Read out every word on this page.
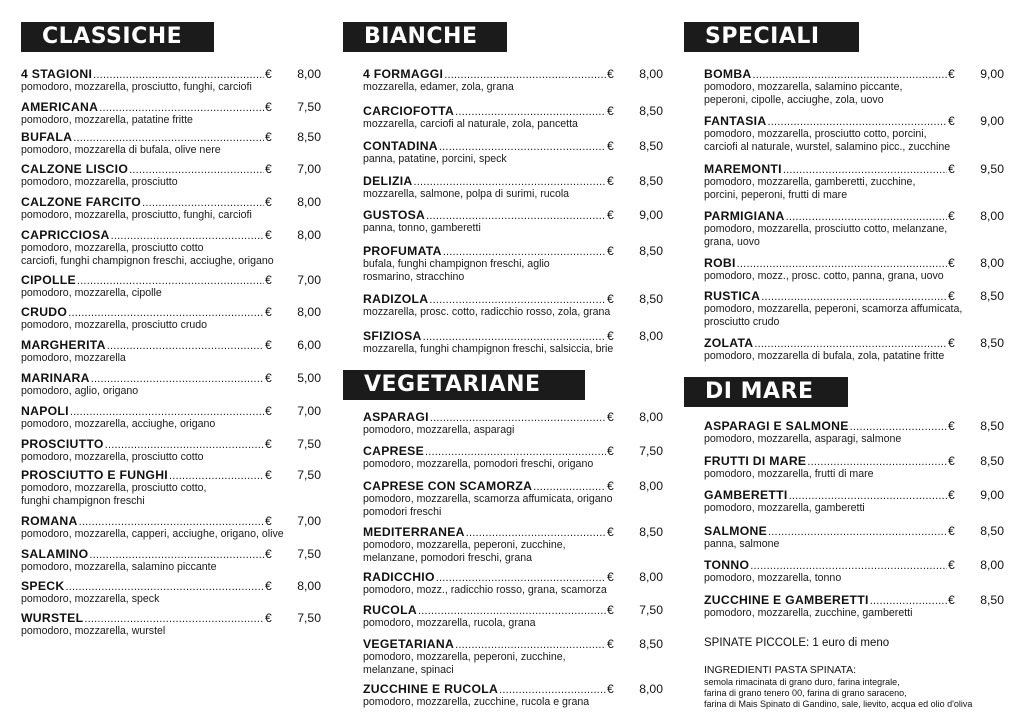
CLASSICHE
4 STAGIONI .....	€	8,00
pomodoro, mozzarella, prosciutto, funghi, carciofi
AMERICANA .....	€	7,50
pomodoro, mozzarella, patatine fritte
BUFALA .....	€	8,50
pomodoro, mozzarella di bufala, olive nere
CALZONE LISCIO .....	€	7,00
pomodoro, mozzarella, prosciutto
CALZONE FARCITO .....	€	8,00
pomodoro, mozzarella, prosciutto, funghi, carciofi
CAPRICCIOSA .....	€	8,00
pomodoro, mozzarella, prosciutto cotto
carciofi, funghi champignon freschi, acciughe, origano
CIPOLLE .....	€	7,00
pomodoro, mozzarella, cipolle
CRUDO .....	€	8,00
pomodoro, mozzarella, prosciutto crudo
MARGHERITA .....	€	6,00
pomodoro, mozzarella
MARINARA .....	€	5,00
pomodoro, aglio, origano
NAPOLI .....	€	7,00
pomodoro, mozzarella, acciughe, origano
PROSCIUTTO .....	€	7,50
pomodoro, mozzarella, prosciutto cotto
PROSCIUTTO E FUNGHI .....	€	7,50
pomodoro, mozzarella, prosciutto cotto,
funghi champignon freschi
ROMANA .....	€	7,00
pomodoro, mozzarella, capperi, acciughe, origano, olive
SALAMINO .....	€	7,50
pomodoro, mozzarella, salamino piccante
SPECK .....	€	8,00
pomodoro, mozzarella, speck
WURSTEL .....	€	7,50
pomodoro, mozzarella, wurstel
BIANCHE
4 FORMAGGI .....	€	8,00
mozzarella, edamer, zola, grana
CARCIOFOTTA .....	€	8,50
mozzarella, carciofi al naturale, zola, pancetta
CONTADINA .....	€	8,50
panna, patatine, porcini, speck
DELIZIA .....	€	8,50
mozzarella, salmone, polpa di surimi, rucola
GUSTOSA .....	€	9,00
panna, tonno, gamberetti
PROFUMATA .....	€	8,50
bufala, funghi champignon freschi, aglio
rosmarino, stracchino
RADIZOLA .....	€	8,50
mozzarella, prosc. cotto, radicchio rosso, zola, grana
SFIZIOSA .....	€	8,00
mozzarella, funghi champignon freschi, salsiccia, brie
VEGETARIANE
ASPARAGI .....	€	8,00
pomodoro, mozzarella, asparagi
CAPRESE .....	€	7,50
pomodoro, mozzarella, pomodori freschi, origano
CAPRESE CON SCAMORZA .....	€	8,00
pomodoro, mozzarella, scamorza affumicata, origano
pomodori freschi
MEDITERRANEA .....	€	8,50
pomodoro, mozzarella, peperoni, zucchine,
melanzane, pomodori freschi, grana
RADICCHIO .....	€	8,00
pomodoro, mozz., radicchio rosso, grana, scamorza
RUCOLA .....	€	7,50
pomodoro, mozzarella, rucola, grana
VEGETARIANA .....	€	8,50
pomodoro, mozzarella, peperoni, zucchine,
melanzane, spinaci
ZUCCHINE E RUCOLA .....	€	8,00
pomodoro, mozzarella, zucchine, rucola e grana
SPECIALI
BOMBA .....	€	9,00
pomodoro, mozzarella, salamino piccante,
peperoni, cipolle, acciughe, zola, uovo
FANTASIA .....	€	9,00
pomodoro, mozzarella, prosciutto cotto, porcini,
carciofi al naturale, wurstel, salamino picc., zucchine
MAREMONTI .....	€	9,50
pomodoro, mozzarella, gamberetti, zucchine,
porcini, peperoni, frutti di mare
PARMIGIANA .....	€	8,00
pomodoro, mozzarella, prosciutto cotto, melanzane,
grana, uovo
ROBI .....	€	8,00
pomodoro, mozz., prosc. cotto, panna, grana, uovo
RUSTICA .....	€	8,50
pomodoro, mozzarella, peperoni, scamorza affumicata,
prosciutto crudo
ZOLATA .....	€	8,50
pomodoro, mozzarella di bufala, zola, patatine fritte
DI MARE
ASPARAGI E SALMONE .....	€	8,50
pomodoro, mozzarella, asparagi, salmone
FRUTTI DI MARE .....	€	8,50
pomodoro, mozzarella, frutti di mare
GAMBERETTI .....	€	9,00
pomodoro, mozzarella, gamberetti
SALMONE .....	€	8,50
panna, salmone
TONNO .....	€	8,00
pomodoro, mozzarella, tonno
ZUCCHINE E GAMBERETTI .....	€	8,50
pomodoro, mozzarella, zucchine, gamberetti
SPINATE PICCOLE: 1 euro di meno
INGREDIENTI PASTA SPINATA:
semola rimacinata di grano duro, farina integrale,
farina di grano tenero 00, farina di grano saraceno,
farina di Mais Spinato di Gandino, sale, lievito, acqua ed olio d'oliva
